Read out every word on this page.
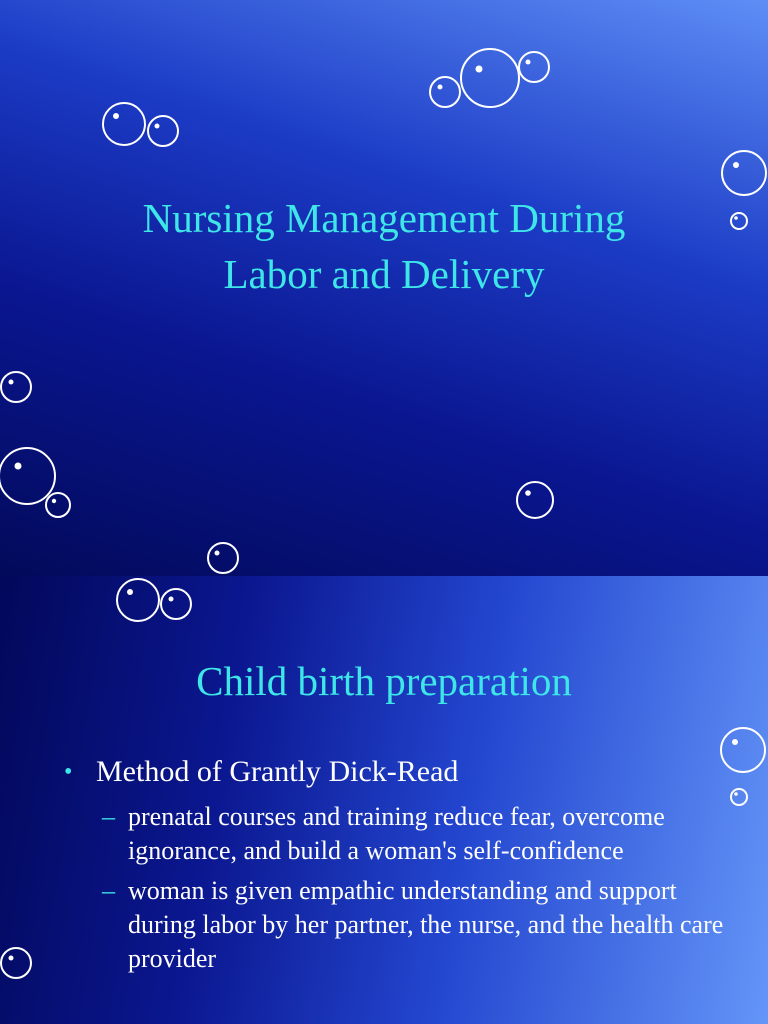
Nursing Management During
Labor and Delivery
Child birth preparation
• Method of Grantly Dick-Read
– prenatal courses and training reduce fear, overcome ignorance, and build a woman's self-confidence
– woman is given empathic understanding and support during labor by her partner, the nurse, and the health care provider
